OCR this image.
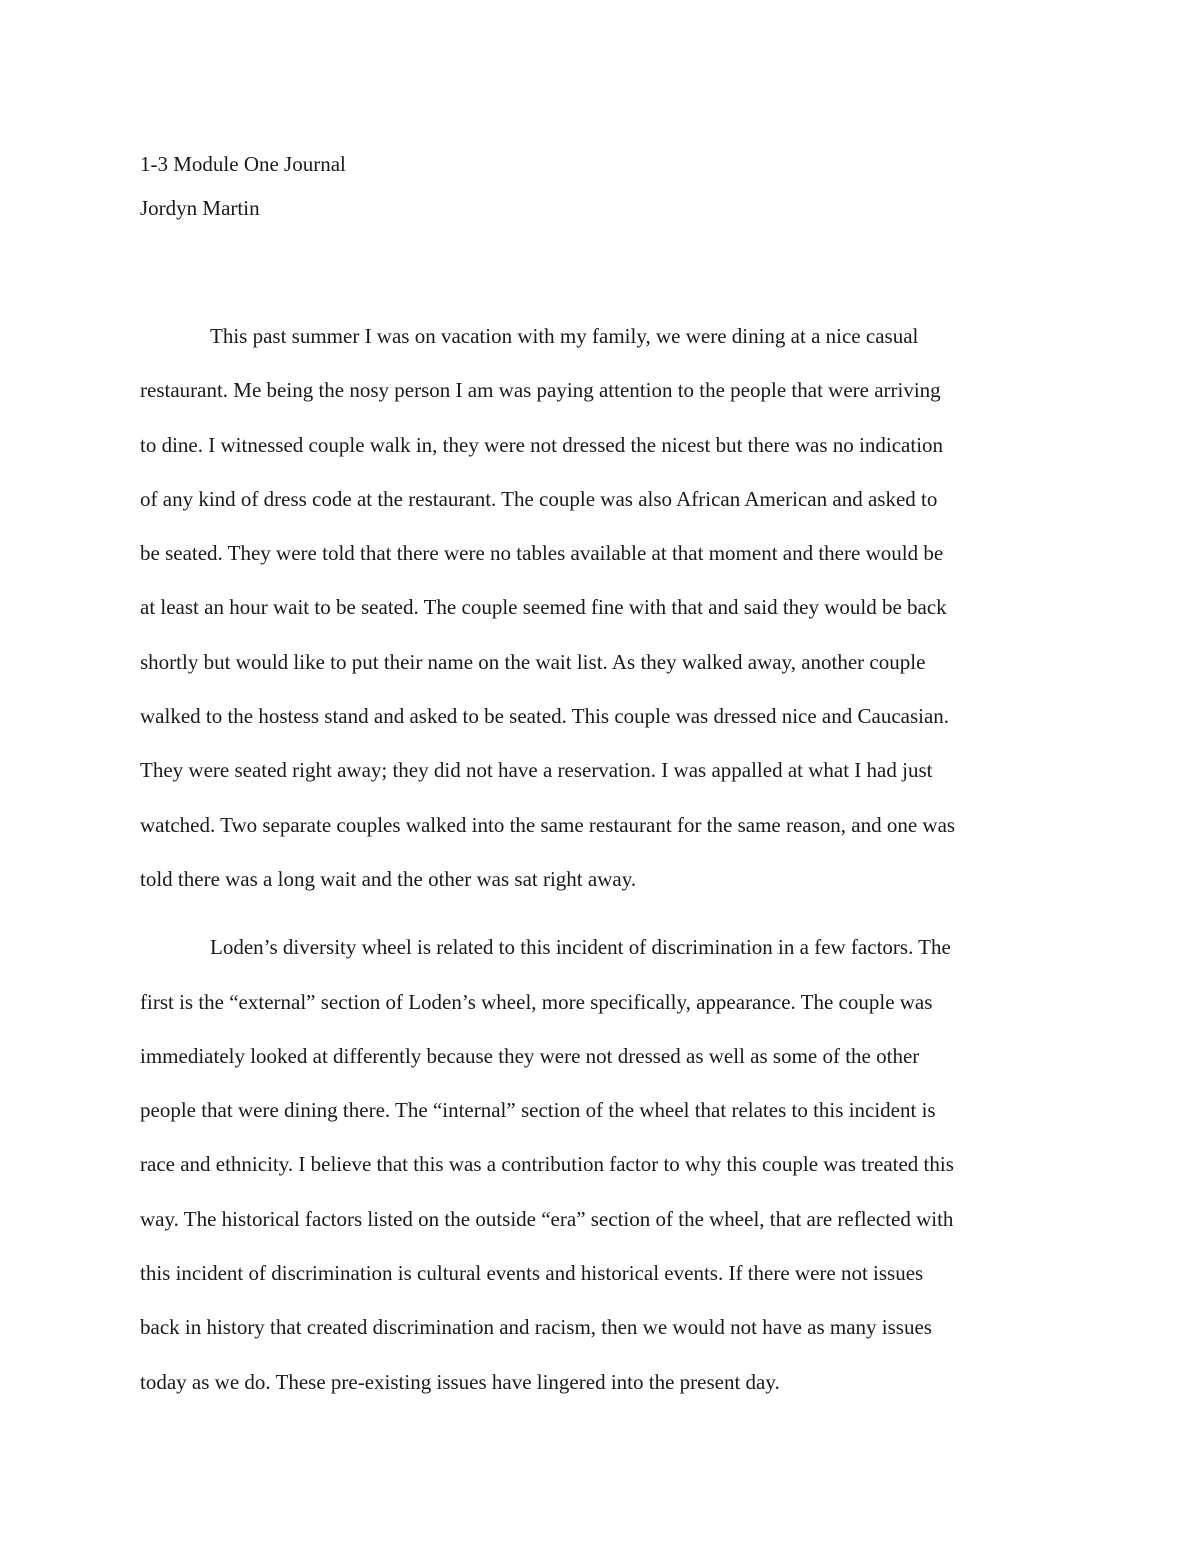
1-3 Module One Journal
Jordyn Martin
This past summer I was on vacation with my family, we were dining at a nice casual
restaurant. Me being the nosy person I am was paying attention to the people that were arriving
to dine. I witnessed couple walk in, they were not dressed the nicest but there was no indication
of any kind of dress code at the restaurant. The couple was also African American and asked to
be seated. They were told that there were no tables available at that moment and there would be
at least an hour wait to be seated. The couple seemed fine with that and said they would be back
shortly but would like to put their name on the wait list. As they walked away, another couple
walked to the hostess stand and asked to be seated. This couple was dressed nice and Caucasian.
They were seated right away; they did not have a reservation. I was appalled at what I had just
watched. Two separate couples walked into the same restaurant for the same reason, and one was
told there was a long wait and the other was sat right away.
Loden’s diversity wheel is related to this incident of discrimination in a few factors. The
first is the “external” section of Loden’s wheel, more specifically, appearance. The couple was
immediately looked at differently because they were not dressed as well as some of the other
people that were dining there. The “internal” section of the wheel that relates to this incident is
race and ethnicity. I believe that this was a contribution factor to why this couple was treated this
way. The historical factors listed on the outside “era” section of the wheel, that are reflected with
this incident of discrimination is cultural events and historical events. If there were not issues
back in history that created discrimination and racism, then we would not have as many issues
today as we do. These pre-existing issues have lingered into the present day.
